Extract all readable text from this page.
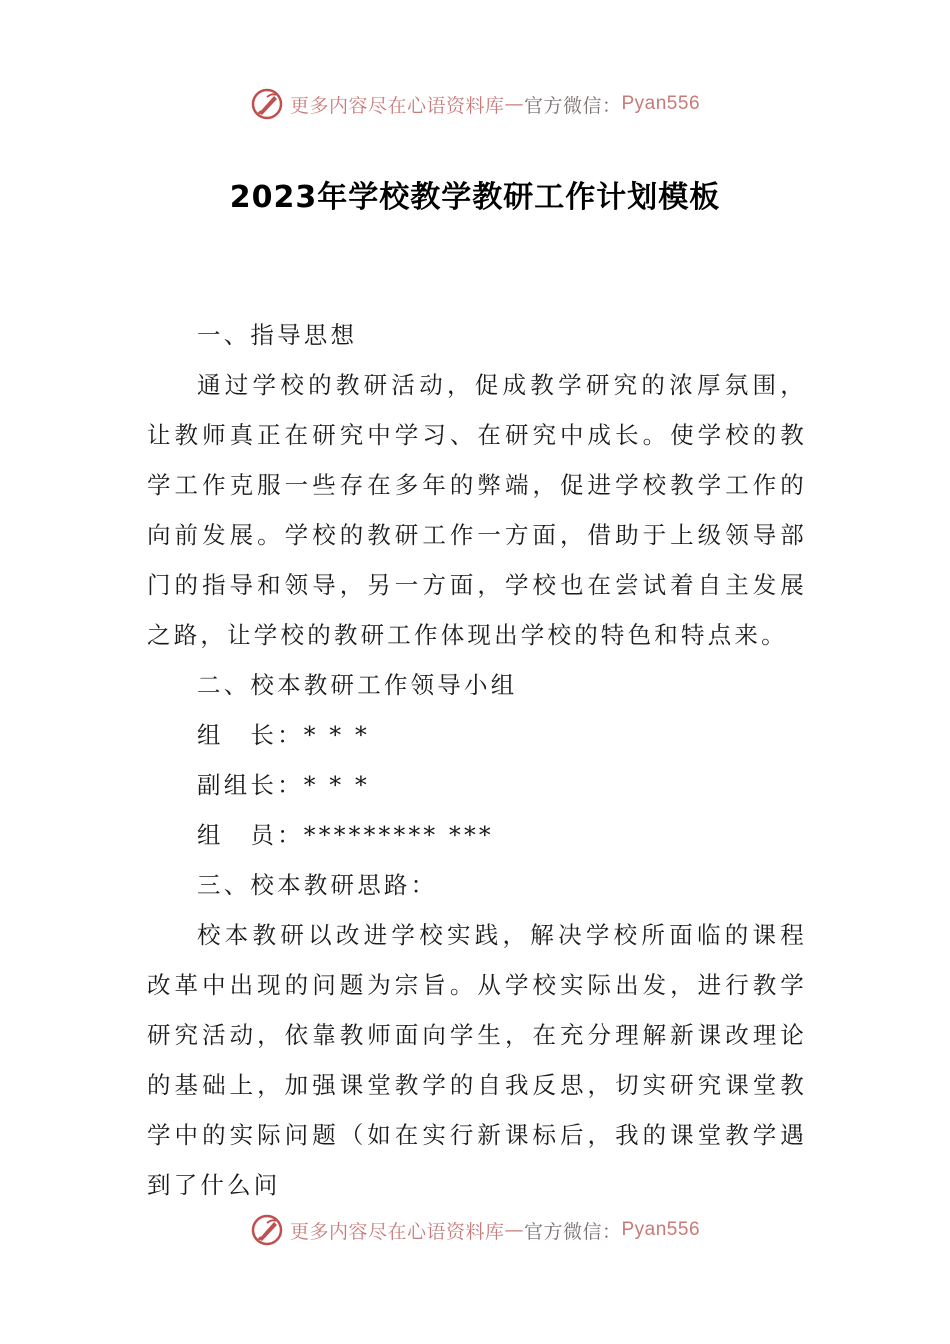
更多内容尽在心语资料库 — 官方微信： Pyan556
2023年学校教学教研工作计划模板

一、指导思想

通过学校的教研活动，促成教学研究的浓厚氛围，让教师真正在研究中学习、在研究中成长。使学校的教学工作克服一些存在多年的弊端，促进学校教学工作的向前发展。学校的教研工作一方面，借助于上级领导部门的指导和领导，另一方面，学校也在尝试着自主发展之路，让学校的教研工作体现出学校的特色和特点来。

二、校本教研工作领导小组

组　长：* * *

副组长：* * *

组　员：********* ***

三、校本教研思路：

校本教研以改进学校实践，解决学校所面临的课程改革中出现的问题为宗旨。从学校实际出发，进行教学研究活动，依靠教师面向学生，在充分理解新课改理论的基础上，加强课堂教学的自我反思，切实研究课堂教学中的实际问题（如在实行新课标后，我的课堂教学遇到了什么问

更多内容尽在心语资料库 — 官方微信： Pyan556
